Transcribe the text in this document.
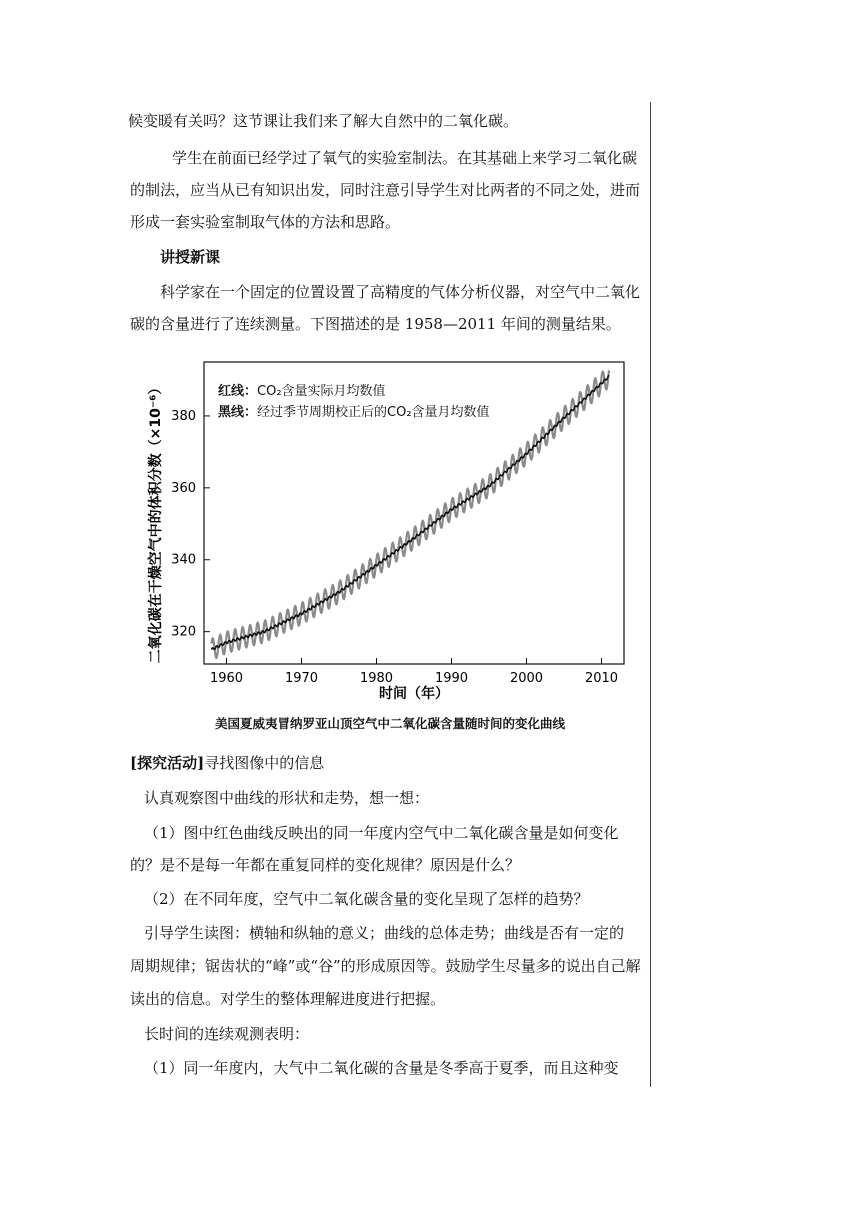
候变暖有关吗？这节课让我们来了解大自然中的二氧化碳。

学生在前面已经学过了氧气的实验室制法。在其基础上来学习二氧化碳

的制法，应当从已有知识出发，同时注意引导学生对比两者的不同之处，进而

形成一套实验室制取气体的方法和思路。

讲授新课

科学家在一个固定的位置设置了高精度的气体分析仪器，对空气中二氧化

碳的含量进行了连续测量。下图描述的是 1958—2011 年间的测量结果。

1960	1970	1980	1990	2000	2010
320
340
360
380
红线：CO₂含量实际月均数值
黑线：经过季节周期校正后的CO₂含量月均数值
时间（年）
二氧化碳在干燥空气中的体积分数（×10⁻⁶）
美国夏威夷冒纳罗亚山顶空气中二氧化碳含量随时间的变化曲线

[探究活动]寻找图像中的信息

认真观察图中曲线的形状和走势，想一想：

（1）图中红色曲线反映出的同一年度内空气中二氧化碳含量是如何变化

的？是不是每一年都在重复同样的变化规律？原因是什么？

（2）在不同年度，空气中二氧化碳含量的变化呈现了怎样的趋势？

引导学生读图：横轴和纵轴的意义；曲线的总体走势；曲线是否有一定的

周期规律；锯齿状的“峰”或“谷”的形成原因等。鼓励学生尽量多的说出自己解

读出的信息。对学生的整体理解进度进行把握。

长时间的连续观测表明：

（1）同一年度内，大气中二氧化碳的含量是冬季高于夏季，而且这种变
